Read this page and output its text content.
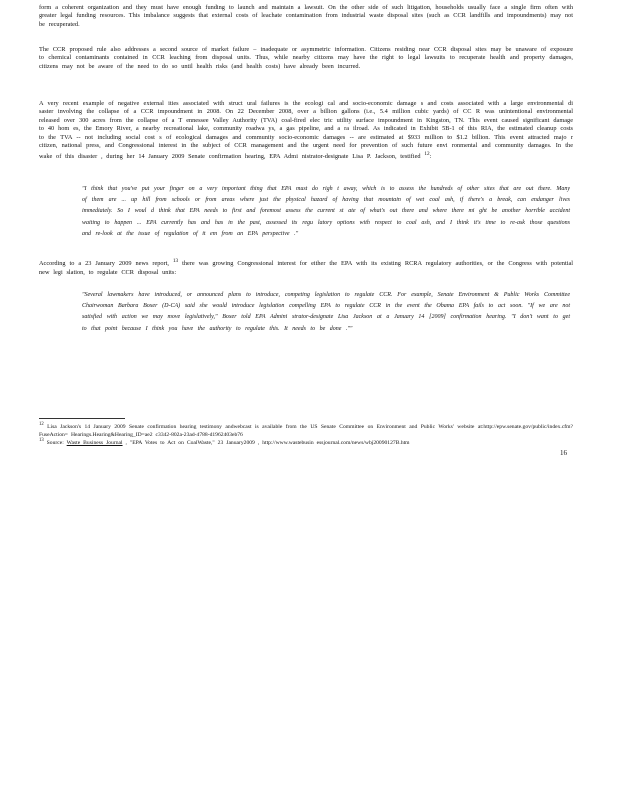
form a coherent organization and they must have enough funding to launch and maintain a lawsuit. On the other side of such litigation, households usually face a single firm often with greater legal funding resources. This imbalance suggests that external costs of leachate contamination from industrial waste disposal sites (such as CCR landfills and impoundments) may not be recuperated.

The CCR proposed rule also addresses a second source of market failure – inadequate or asymmetric information. Citizens residing near CCR disposal sites may be unaware of exposure to chemical contaminants contained in CCR leaching from disposal units. Thus, while nearby citizens may have the right to legal lawsuits to recuperate health and property damages, citizens may not be aware of the need to do so until health risks (and health costs) have already been incurred.

A very recent example of negative external ities associated with struct ural failures is the ecologi cal and socio-economic damage s and costs associated with a large environmental di saster involving the collapse of a CCR impoundment in 2008. On 22 December 2008, over a billion gallons (i.e., 5.4 million cubic yards) of CC R was unintentional environmental released over 300 acres from the collapse of a T ennessee Valley Authority (TVA) coal-fired elec tric utility surface impoundment in Kingston, TN. This event caused significant damage to 40 hom es, the Emory River, a nearby recreational lake, community roadwa ys, a gas pipeline, and a ra ilroad. As indicated in Exhibit 5B-1 of this RIA, the estimated cleanup costs to the TVA -- not including social cost s of ecological damages and community socio-economic damages -- are estimated at $933 million to $1.2 billion. This event attracted majo r citizen, national press, and Congressional interest in the subject of CCR management and the urgent need for prevention of such future envi ronmental and community damages. In the wake of this disaster , during her 14 January 2009 Senate confirmation hearing, EPA Admi nistrator-designate Lisa P. Jackson, testified $^{12}$:

"I think that you've put your finger on a very important thing that EPA must do righ t away, which is to assess the hundreds of other sites that are out there. Many of them are ... up hill from schools or from areas where just the physical hazard of having that mountain of wet coal ash, if there's a break, can endanger lives immediately. So I woul d think that EPA needs to first and foremost assess the current st ate of what's out there and where there mi ght be another horrible accident waiting to happen ... EPA currently has and has in the past, assessed its regu latory options with respect to coal ash, and I think it's time to re-ask those questions and re-look at the issue of regulation of it em from an EPA perspective ."

According to a 23 January 2009 news report, $^{13}$ there was growing Congressional interest for either the EPA with its existing RCRA regulatory authorities, or the Congress with potential new legi slation, to regulate CCR disposal units:

"Several lawmakers have introduced, or announced plans to introduce, competing legislation to regulate CCR. For example, Senate Environment & Public Works Committee Chairwoman Barbara Boxer (D-CA) said she would introduce legislation compelling EPA to regulate CCR in the event the Obama EPA fails to act soon. "If we are not satisfied with action we may move legislatively," Boxer told EPA Admini strator-designate Lisa Jackson at a January 14 [2009] confirmation hearing. "I don't want to get to that point because I think you have the authority to regulate this. It needs to be done .""

$^{12}$ Lisa Jackson's 14 January 2009 Senate confirmation hearing testimony andwebcast is available from the US Senate Committee on Environment and Public Works' website at:http://epw.senate.gov/public/index.cfm?FuseAction= Hearings.Hearing&Hearing_ID=ae2 c3342-802a-23ad-4788-d1962403eb76

$^{13}$ Source: Waste Business Journal , "EPA Votes to Act on CoalWaste," 23 January2009 , http://www.wastebusin essjournal.com/news/wbj20090127B.htm

16
